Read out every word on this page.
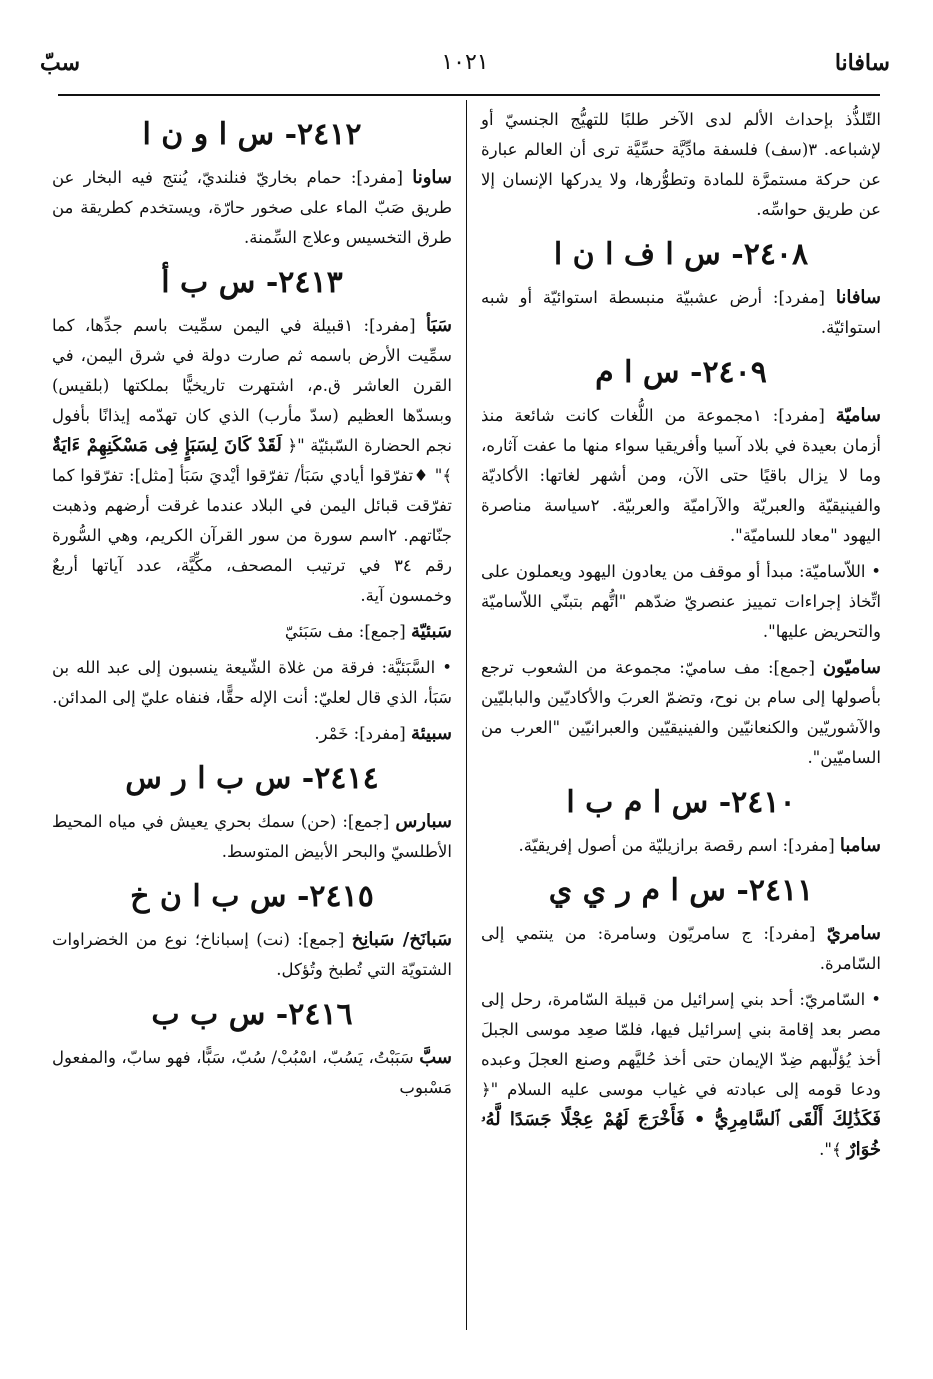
سافانا
١٠٢١
سبّ

التّلذُّذ بإحداث الألم لدى الآخر طلبًا للتهيُّج الجنسيّ أو لإشباعه. ٣(سف) فلسفة مادِّيَّة حسِّيَّة ترى أن العالم عبارة عن حركة مستمرَّة للمادة وتطوُّرها، ولا يدركها الإنسان إلا عن طريق حواسِّه.

٢٤٠٨- س ا ف ا ن ا

سافانا [مفرد]: أرض عشبيّة منبسطة استوائيّة أو شبه استوائيّة.

٢٤٠٩- س ا م

ساميّة [مفرد]: ١مجموعة من اللُّغات كانت شائعة منذ أزمان بعيدة في بلاد آسيا وأفريقيا سواء منها ما عفت آثاره، وما لا يزال باقيًا حتى الآن، ومن أشهر لغاتها: الأكاديّة والفينيقيّة والعبريّة والآراميّة والعربيّة. ٢سياسة مناصرة اليهود "معاد للساميّة".

• اللاّساميّة: مبدأ أو موقف من يعادون اليهود ويعملون على اتِّخاذ إجراءات تمييز عنصريّ ضدّهم "اتُّهم بتبنّي اللاّساميّة والتحريض عليها".

ساميّون [جمع]: مف ساميّ: مجموعة من الشعوب ترجع بأصولها إلى سام بن نوح، وتضمّ العربَ والأكاديّين والبابليّين والآشوريّين والكنعانيّين والفينيقيّين والعبرانيّين "العرب من الساميّين".

٢٤١٠- س ا م ب ا

سامبا [مفرد]: اسم رقصة برازيليّة من أصول إفريقيّة.

٢٤١١- س ا م ر ي ي

سامريّ [مفرد]: ج سامريّون وسامرة: من ينتمي إلى السّامرة.

• السّامريّ: أحد بني إسرائيل من قبيلة السّامرة، رحل إلى مصر بعد إقامة بني إسرائيل فيها، فلمّا صعِد موسى الجبلَ أخذ يُؤلّبهم ضِدّ الإيمان حتى أخذ حُليَّهم وصنع العجلَ وعبده ودعا قومه إلى عبادته في غياب موسى عليه السلام "﴿ فَكَذَٰلِكَ أَلْقَى ٱلسَّامِرِيُّ • فَأَخْرَجَ لَهُمْ عِجْلًا جَسَدًا لَّهُۥ خُوَارٌ ﴾".

٢٤١٢- س ا و ن ا

ساونا [مفرد]: حمام بخاريّ فنلنديّ، يُنتج فيه البخار عن طريق صَبّ الماء على صخور حارّة، ويستخدم كطريقة من طرق التخسيس وعلاج السِّمنة.

٢٤١٣- س ب أ

سَبَأ [مفرد]: ١قبيلة في اليمن سمِّيت باسم جدِّها، كما سمِّيت الأرض باسمه ثم صارت دولة في شرق اليمن، في القرن العاشر ق.م، اشتهرت تاريخيًّا بملكتها (بلقيس) وبسدّها العظيم (سدّ مأرب) الذي كان تهدّمه إيذانًا بأفول نجم الحضارة السّبئيّة "﴿ لَقَدْ كَانَ لِسَبَإٍ فِى مَسْكَنِهِمْ ءَايَةٌ ﴾" ♦تفرّقوا أيادي سَبَأ/ تفرّقوا أيْديَ سَبَأ [مثل]: تفرّقوا كما تفرّقت قبائل اليمن في البلاد عندما غرقت أرضهم وذهبت جنّاتهم. ٢اسم سورة من سور القرآن الكريم، وهي السُّورة رقم ٣٤ في ترتيب المصحف، مكِّيَّة، عدد آياتها أربعٌ وخمسون آية.

سَبئيّة [جمع]: مف سَبَئيّ

• السَّبَئيَّة: فرقة من غلاة الشّيعة ينسبون إلى عبد الله بن سَبَأ، الذي قال لعليّ: أنت الإله حقًّا، فنفاه عليّ إلى المدائن.

سبيئة [مفرد]: خَمْر.

٢٤١٤- س ب ا ر س

سبارس [جمع]: (حن) سمك بحري يعيش في مياه المحيط الأطلسيّ والبحر الأبيض المتوسط.

٢٤١٥- س ب ا ن خ

سَبانَخ/ سَبانِخ [جمع]: (نت) إسباناخ؛ نوع من الخضراوات الشتويّة التي تُطبخ وتُؤكل.

٢٤١٦- س ب ب

سبَّ سَبَبْتُ، يَسُبّ، اسْبُبْ/ سُبّ، سَبًّا، فهو سابّ، والمفعول مَسْبوب
